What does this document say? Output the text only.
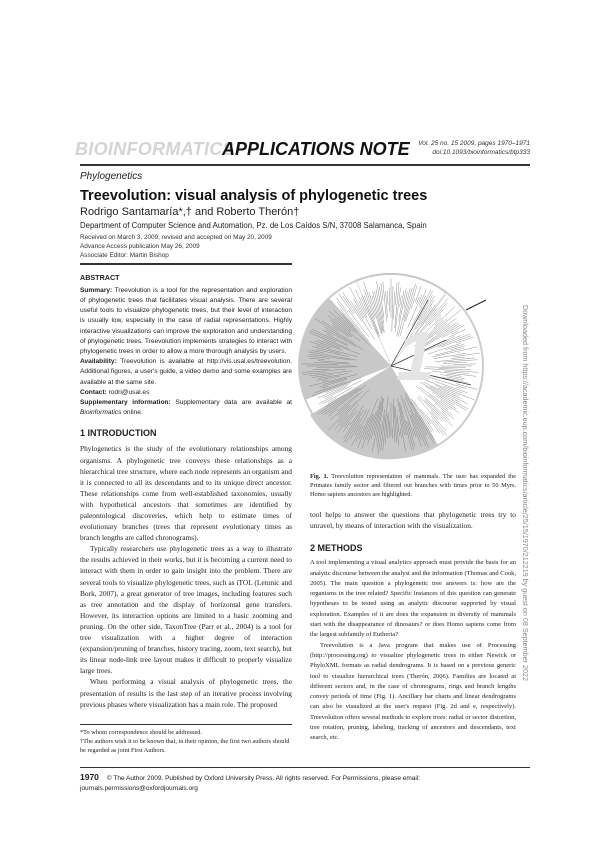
BIOINFORMATICS
APPLICATIONS NOTE	Vol. 25 no. 15 2009, pages 1970–1971
doi:10.1093/bioinformatics/btp333
Phylogenetics
Treevolution: visual analysis of phylogenetic trees
Rodrigo Santamaría*,† and Roberto Therón†
Department of Computer Science and Automation, Pz. de Los Caídos S/N, 37008 Salamanca, Spain
Received on March 3, 2009; revised and accepted on May 20, 2009
Advance Access publication May 26, 2009
Associate Editor: Martin Bishop
ABSTRACT

Summary: Treevolution is a tool for the representation and exploration of phylogenetic trees that facilitates visual analysis. There are several useful tools to visualize phylogenetic trees, but their level of interaction is usually low, especially in the case of radial representations. Highly interactive visualizations can improve the exploration and understanding of phylogenetic trees. Treevolution implements strategies to interact with phylogenetic trees in order to allow a more thorough analysis by users.

Availability: Treevolution is available at http://vis.usal.es/treevolution. Additional figures, a user's guide, a video demo and some examples are available at the same site.

Contact: rodri@usal.es

Supplementary information: Supplementary data are available at Bioinformatics online.

1 INTRODUCTION

Phylogenetics is the study of the evolutionary relationships among organisms. A phylogenetic tree conveys these relationships as a hierarchical tree structure, where each node represents an organism and it is connected to all its descendants and to its unique direct ancestor. These relationships come from well-established taxonomies, usually with hypothetical ancestors that sometimes are identified by paleontological discoveries, which help to estimate times of evolutionary branches (trees that represent evolutionary times as branch lengths are called chronograms).

Typically researchers use phylogenetic trees as a way to illustrate the results achieved in their works, but it is becoming a current need to interact with them in order to gain insight into the problem. There are several tools to visualize phylogenetic trees, such as iTOL (Letunic and Bork, 2007), a great generator of tree images, including features such as tree annotation and the display of horizontal gene transfers. However, its interaction options are limited to a basic zooming and pruning. On the other side, TaxonTree (Parr et al., 2004) is a tool for tree visualization with a higher degree of interaction (expansion/pruning of branches, history tracing, zoom, text search), but its linear node-link tree layout makes it difficult to properly visualize large trees.

When performing a visual analysis of phylogenetic trees, the presentation of results is the last step of an iterative process involving previous phases where visualization has a main role. The proposed

*To whom correspondence should be addressed.

†The authors wish it to be known that, in their opinion, the first two authors should be regarded as joint First Authors.

1
Fig. 1. Treevolution representation of mammals. The user has expanded the Primates family sector and filtered out branches with times prior to 50 Myrs. Homo sapiens ancestors are highlighted.

tool helps to answer the questions that phylogenetic trees try to unravel, by means of interaction with the visualization.

2 METHODS

A tool implementing a visual analytics approach must provide the basis for an analytic discourse between the analyst and the information (Thomas and Cook, 2005). The main question a phylogenetic tree answers is: how are the organisms in the tree related? Specific instances of this question can generate hypotheses to be tested using an analytic discourse supported by visual exploration. Examples of it are does the expansion in diversity of mammals start with the disappearance of dinosaurs? or does Homo sapiens come from the largest subfamily of Eutheria?

Treevolution is a Java program that makes use of Processing (http://processing.org) to visualize phylogenetic trees in either Newick or PhyloXML formats as radial dendrograms. It is based on a previous generic tool to visualize hierarchical trees (Therón, 2006). Families are located at different sectors and, in the case of chronograms, rings and branch lengths convey periods of time (Fig. 1). Ancillary bar charts and linear dendrograms can also be visualized at the user's request (Fig. 2d and e, respectively). Treevolution offers several methods to explore trees: radial or sector distortion, tree rotation, pruning, labeling, tracking of ancestors and descendants, text search, etc.

1970 © The Author 2009. Published by Oxford University Press. All rights reserved. For Permissions, please email: journals.permissions@oxfordjournals.org
Downloaded from https://academic.oup.com/bioinformatics/article/25/15/1970/212219 by guest on 08 September 2022
